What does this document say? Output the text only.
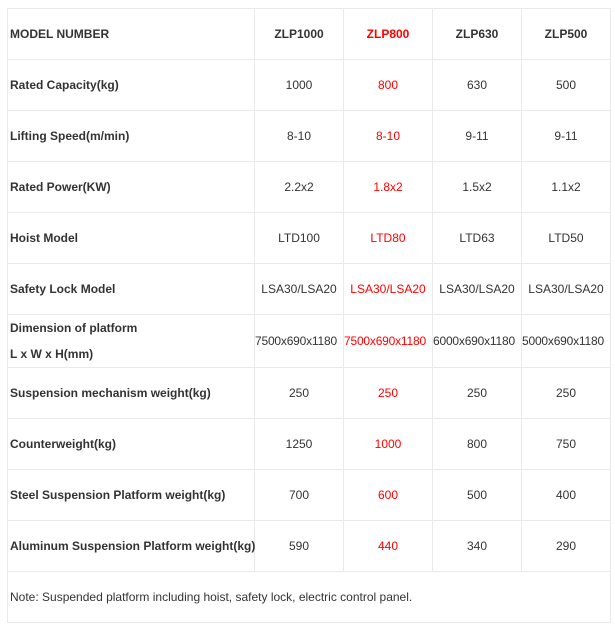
MODEL NUMBER	ZLP1000	ZLP800	ZLP630	ZLP500
Rated Capacity(kg)	1000	800	630	500
Lifting Speed(m/min)	8-10	8-10	9-11	9-11
Rated Power(KW)	2.2x2	1.8x2	1.5x2	1.1x2
Hoist Model	LTD100	LTD80	LTD63	LTD50
Safety Lock Model	LSA30/LSA20	LSA30/LSA20	LSA30/LSA20	LSA30/LSA20

Dimension of platform
L x W x H(mm)	7500x690x1180	7500x690x1180	6000x690x1180	5000x690x1180
Suspension mechanism weight(kg)	250	250	250	250
Counterweight(kg)	1250	1000	800	750
Steel Suspension Platform weight(kg)	700	600	500	400
Aluminum Suspension Platform weight(kg)	590	440	340	290
Note: Suspended platform including hoist, safety lock, electric control panel.				
